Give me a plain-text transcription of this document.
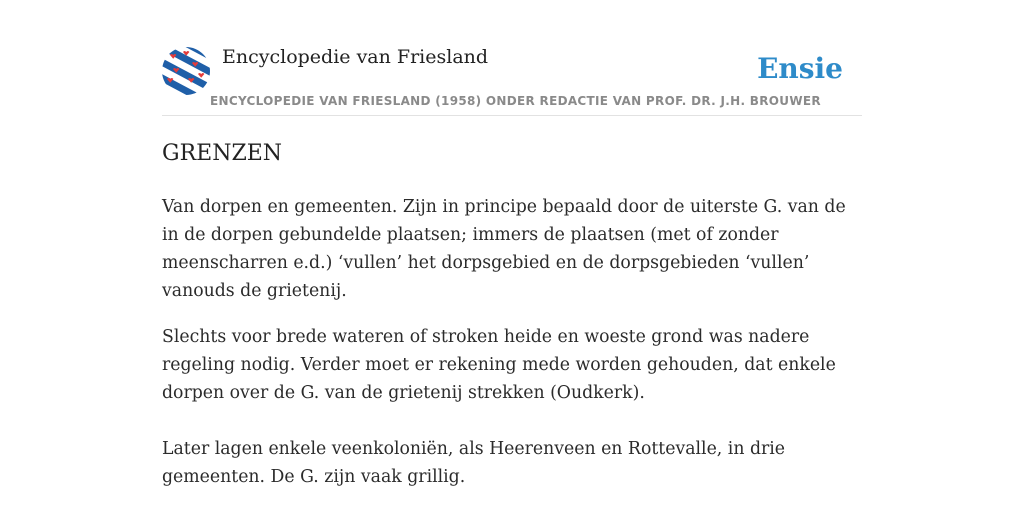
Encyclopedie van Friesland	Ensie
ENCYCLOPEDIE VAN FRIESLAND (1958) ONDER REDACTIE VAN PROF. DR. J.H. BROUWER
GRENZEN

Van dorpen en gemeenten. Zijn in principe bepaald door de uiterste G. van de in de dorpen gebundelde plaatsen; immers de plaatsen (met of zonder meenscharren e.d.) ‘vullen’ het dorpsgebied en de dorpsgebieden ‘vullen’ vanouds de grietenij.

Slechts voor brede wateren of stroken heide en woeste grond was nadere regeling nodig. Verder moet er rekening mede worden gehouden, dat enkele dorpen over de G. van de grietenij strekken (Oudkerk).

Later lagen enkele veenkoloniën, als Heerenveen en Rottevalle, in drie gemeenten. De G. zijn vaak grillig.
